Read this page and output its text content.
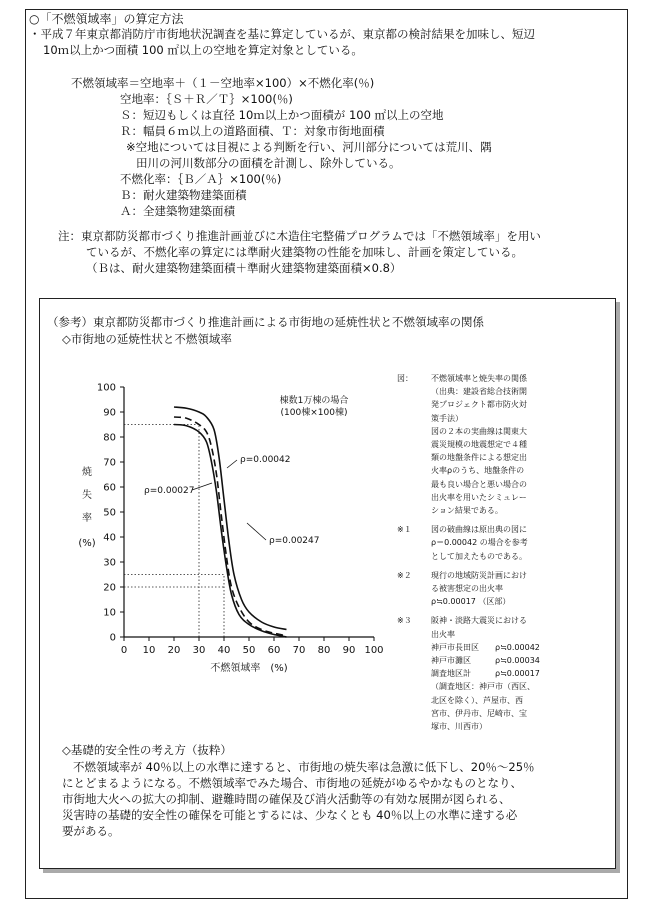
○「不燃領域率」の算定方法
・平成７年東京都消防庁市街地状況調査を基に算定しているが、東京都の検討結果を加味し、短辺
10ｍ以上かつ面積 100 ㎡以上の空地を算定対象としている。
不燃領域率＝空地率＋（１－空地率×100）×不燃化率(％)
空地率：｛Ｓ＋Ｒ／Ｔ｝×100(％)
Ｓ：短辺もしくは直径 10ｍ以上かつ面積が 100 ㎡以上の空地
Ｒ：幅員６ｍ以上の道路面積、Ｔ：対象市街地面積
※空地については目視による判断を行い、河川部分については荒川、隅
田川の河川数部分の面積を計測し、除外している。
不燃化率：｛Ｂ／Ａ｝×100(％)
Ｂ：耐火建築物建築面積
Ａ：全建築物建築面積
注：東京都防災都市づくり推進計画並びに木造住宅整備プログラムでは「不燃領域率」を用い
ているが、不燃化率の算定には準耐火建築物の性能を加味し、計画を策定している。
（Ｂは、耐火建築物建築面積＋準耐火建築物建築面積×0.8）
（参考）東京都防災都市づくり推進計画による市街地の延焼性状と不燃領域率の関係
◇市街地の延焼性状と不燃領域率
0 10 20 30 40 50 60 70 80 90 100
0
10
20
30
40
50
60
70
80
90
100
ρ=0.00247
ρ=0.00042
ρ=0.00027
棟数1万棟の場合
(100棟×100棟)
焼
失
率
(%)
不燃領域率　(%)
図： 不燃領域率と焼失率の関係
（出典：建設省総合技術開
発プロジェクト都市防火対
策手法）
図の２本の実曲線は関東大
震災規模の地震想定で４種
類の地盤条件による想定出
火率ρのうち、地盤条件の
最も良い場合と悪い場合の
出火率を用いたシミュレー
ション結果である。
※１ 図の破曲線は原出典の図に
ρ＝0.00042 の場合を参考
として加えたものである。
※２ 現行の地域防災計画におけ
る被害想定の出火率
ρ≒0.00017 （区部）
※３ 阪神・淡路大震災における
出火率
神戸市長田区　　ρ≒0.00042
神戸市灘区　　　ρ≒0.00034
調査地区計　　　ρ≒0.00017
（調査地区：神戸市（西区、
北区を除く）、芦屋市、西
宮市、伊丹市、尼崎市、宝
塚市、川西市）
◇基礎的安全性の考え方（抜粋）
不燃領域率が 40％以上の水準に達すると、市街地の焼失率は急激に低下し、20％～25％
にとどまるようになる。不燃領域率でみた場合、市街地の延焼がゆるやかなものとなり、
市街地大火への拡大の抑制、避難時間の確保及び消火活動等の有効な展開が図られる、
災害時の基礎的安全性の確保を可能とするには、少なくとも 40％以上の水準に達する必
要がある。
